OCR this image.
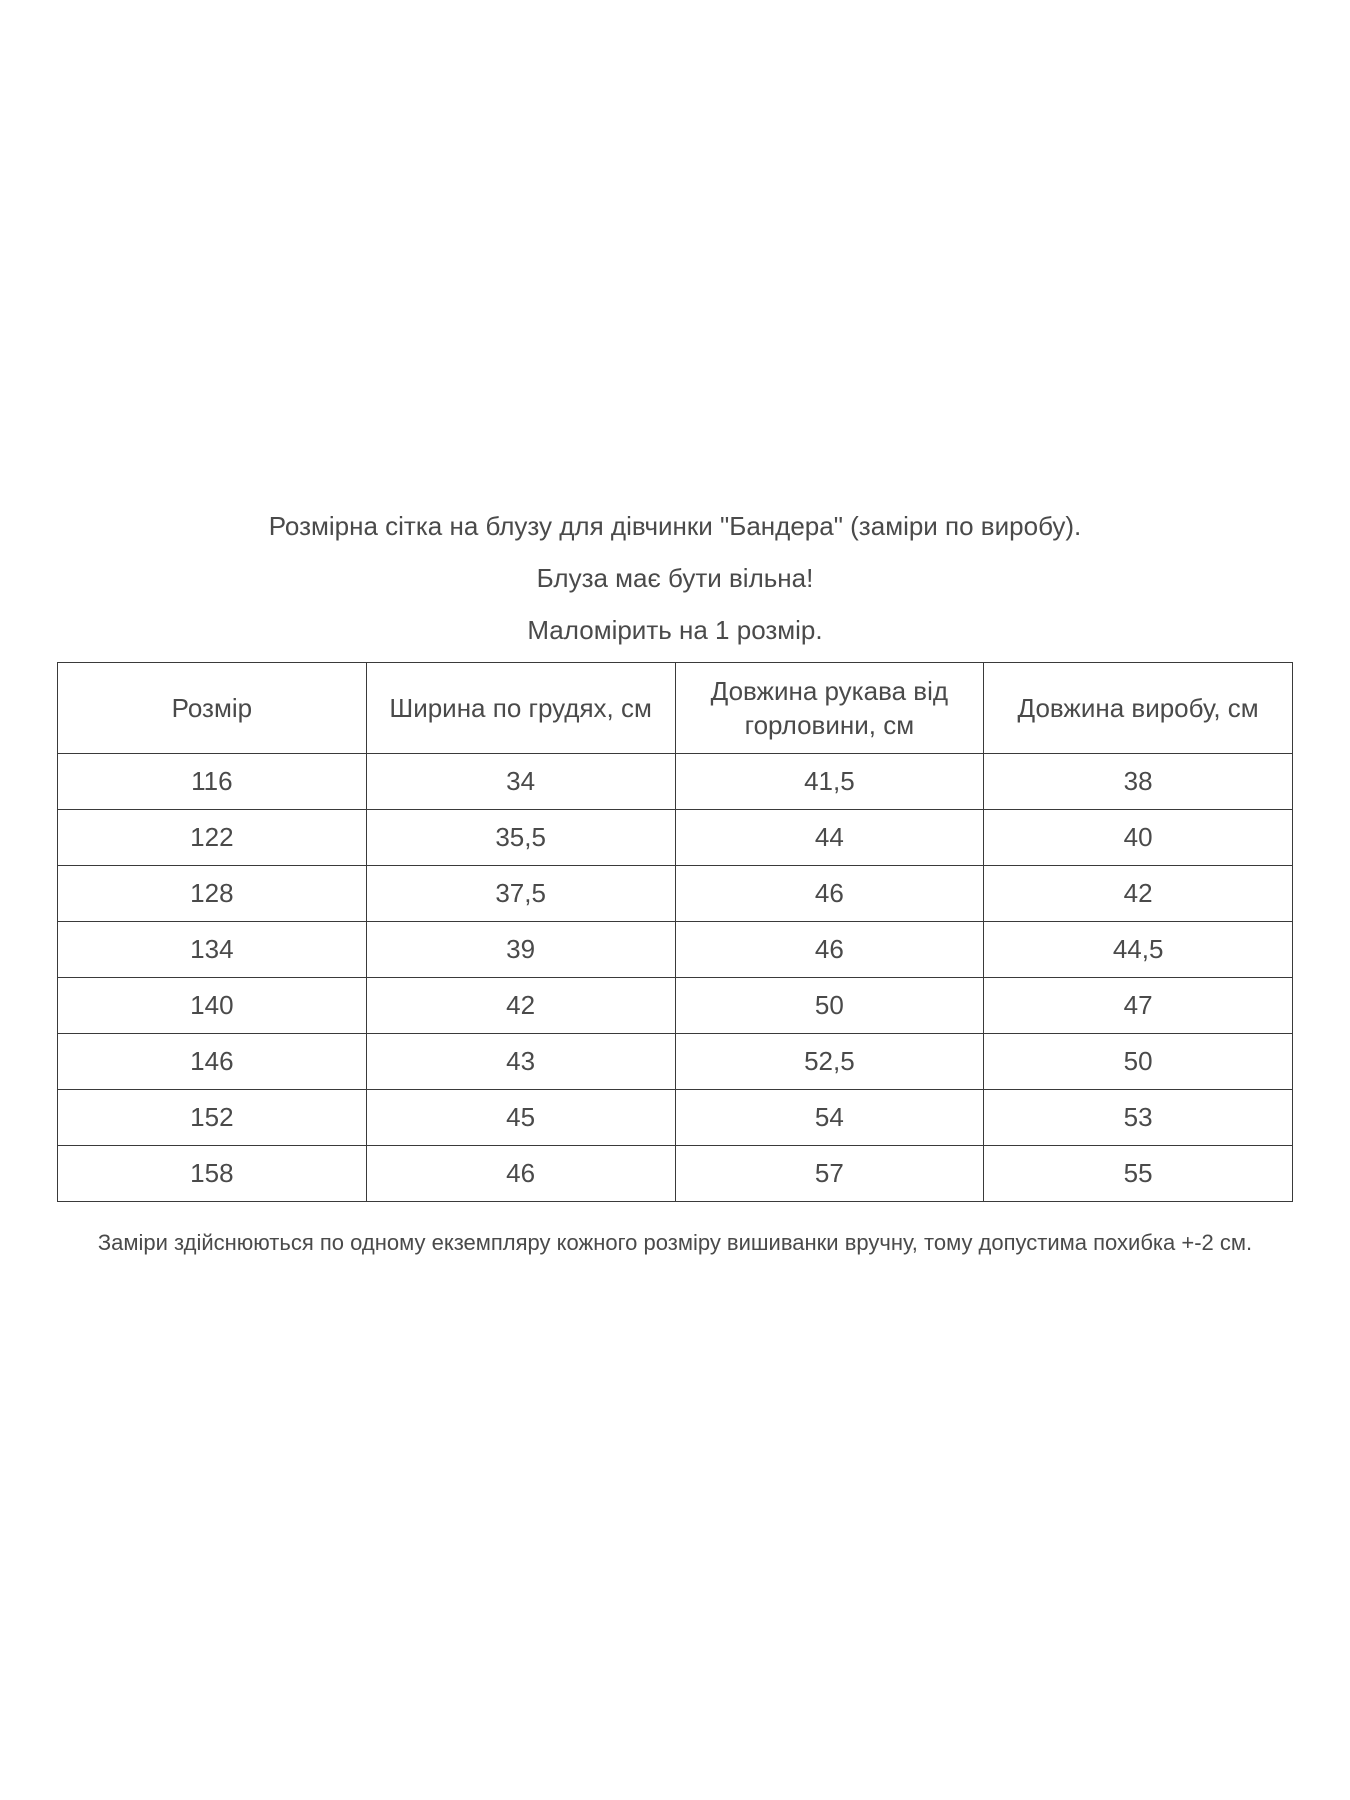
Розмірна сітка на блузу для дівчинки "Бандера" (заміри по виробу).
Блуза має бути вільна!
Маломірить на 1 розмір.
Розмір	Ширина по грудях, см	Довжина рукава від горловини, см	Довжина виробу, см
116	34	41,5	38
122	35,5	44	40
128	37,5	46	42
134	39	46	44,5
140	42	50	47
146	43	52,5	50
152	45	54	53
158	46	57	55
Заміри здійснюються по одному екземпляру кожного розміру вишиванки вручну, тому допустима похибка +-2 см.
